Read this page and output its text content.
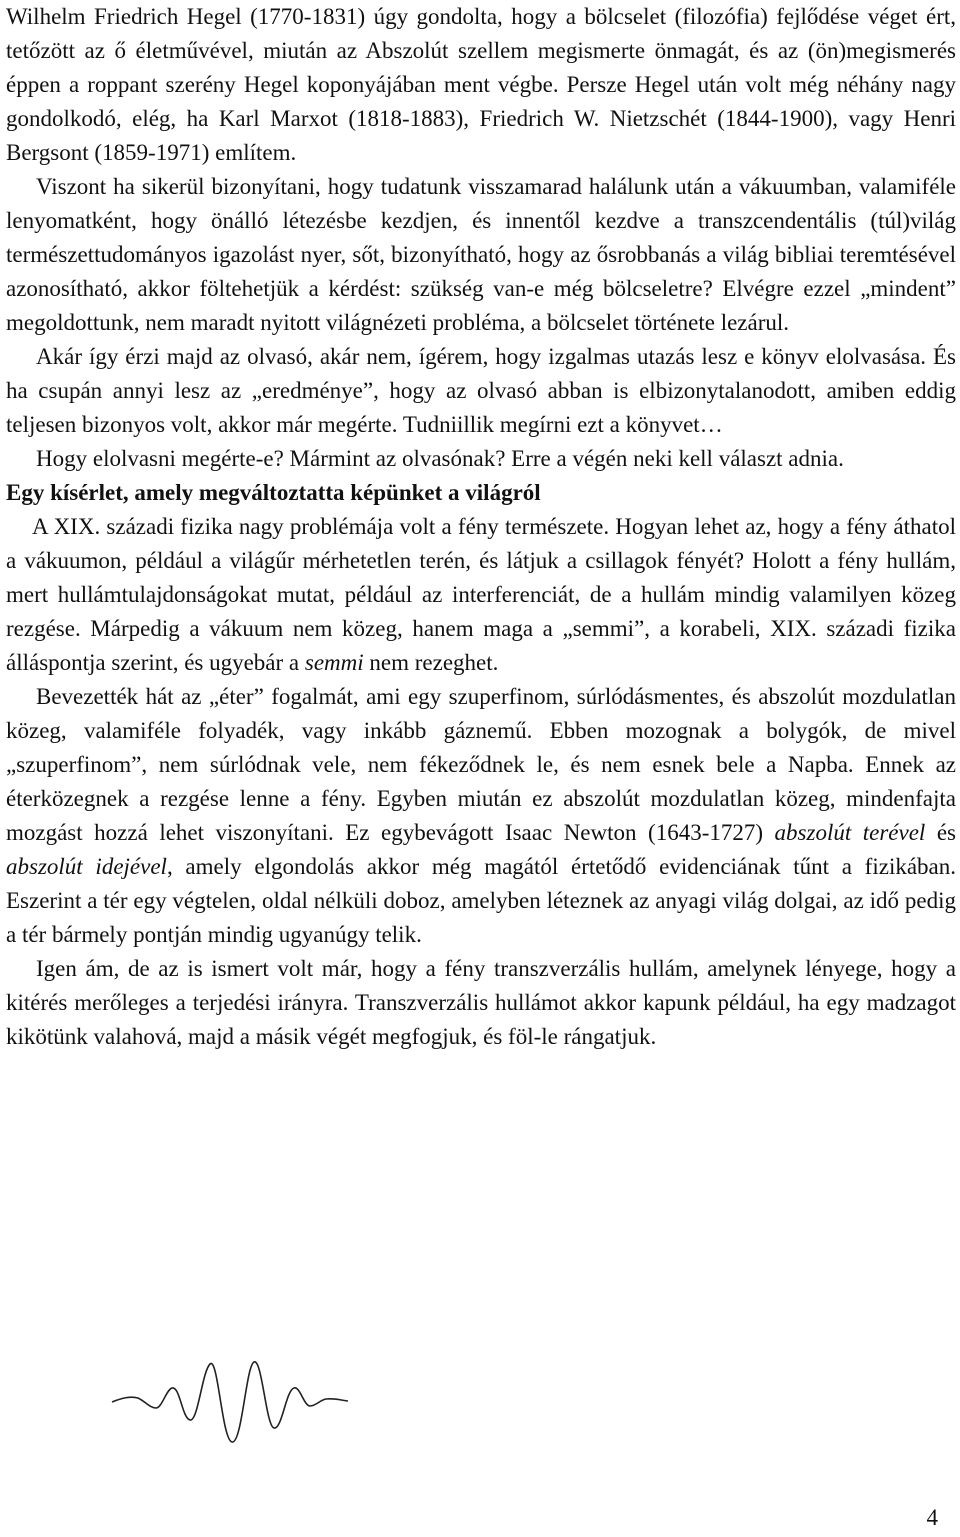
Wilhelm Friedrich Hegel (1770-1831) úgy gondolta, hogy a bölcselet (filozófia) fejlődése véget ért, tetőzött az ő életművével, miután az Abszolút szellem megismerte önmagát, és az (ön)megismerés éppen a roppant szerény Hegel koponyájában ment végbe. Persze Hegel után volt még néhány nagy gondolkodó, elég, ha Karl Marxot (1818-1883), Friedrich W. Nietzschét (1844-1900), vagy Henri Bergsont (1859-1971) említem.

Viszont ha sikerül bizonyítani, hogy tudatunk visszamarad halálunk után a vákuumban, valamiféle lenyomatként, hogy önálló létezésbe kezdjen, és innentől kezdve a transzcendentális (túl)világ természettudományos igazolást nyer, sőt, bizonyítható, hogy az ősrobbanás a világ bibliai teremtésével azonosítható, akkor föltehetjük a kérdést: szükség van-e még bölcseletre? Elvégre ezzel „mindent” megoldottunk, nem maradt nyitott világnézeti probléma, a bölcselet története lezárul.

Akár így érzi majd az olvasó, akár nem, ígérem, hogy izgalmas utazás lesz e könyv elolvasása. És ha csupán annyi lesz az „eredménye”, hogy az olvasó abban is elbizonytalanodott, amiben eddig teljesen bizonyos volt, akkor már megérte. Tudniillik megírni ezt a könyvet…

Hogy elolvasni megérte-e? Mármint az olvasónak? Erre a végén neki kell választ adnia.

Egy kísérlet, amely megváltoztatta képünket a világról

A XIX. századi fizika nagy problémája volt a fény természete. Hogyan lehet az, hogy a fény áthatol a vákuumon, például a világűr mérhetetlen terén, és látjuk a csillagok fényét? Holott a fény hullám, mert hullámtulajdonságokat mutat, például az interferenciát, de a hullám mindig valamilyen közeg rezgése. Márpedig a vákuum nem közeg, hanem maga a „semmi”, a korabeli, XIX. századi fizika álláspontja szerint, és ugyebár a semmi nem rezeghet.

Bevezették hát az „éter” fogalmát, ami egy szuperfinom, súrlódásmentes, és abszolút mozdulatlan közeg, valamiféle folyadék, vagy inkább gáznemű. Ebben mozognak a bolygók, de mivel „szuperfinom”, nem súrlódnak vele, nem fékeződnek le, és nem esnek bele a Napba. Ennek az éterközegnek a rezgése lenne a fény. Egyben miután ez abszolút mozdulatlan közeg, mindenfajta mozgást hozzá lehet viszonyítani. Ez egybevágott Isaac Newton (1643-1727) abszolút terével és abszolút idejével, amely elgondolás akkor még magától értetődő evidenciának tűnt a fizikában. Eszerint a tér egy végtelen, oldal nélküli doboz, amelyben léteznek az anyagi világ dolgai, az idő pedig a tér bármely pontján mindig ugyanúgy telik.

Igen ám, de az is ismert volt már, hogy a fény transzverzális hullám, amelynek lényege, hogy a kitérés merőleges a terjedési irányra. Transzverzális hullámot akkor kapunk például, ha egy madzagot kikötünk valahová, majd a másik végét megfogjuk, és föl-le rángatjuk.

4
